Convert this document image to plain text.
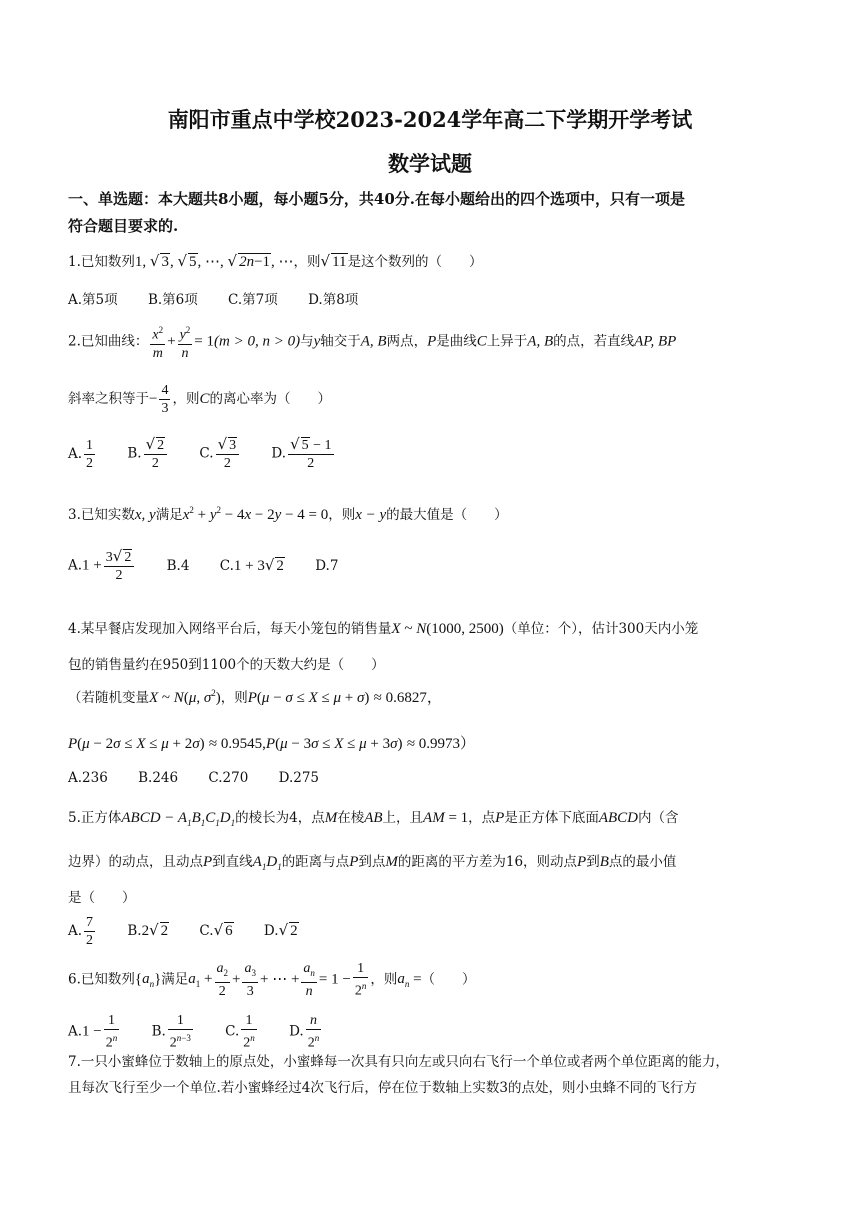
南阳市重点中学校2023-2024学年高二下学期开学考试
数学试题
一、单选题：本大题共8小题，每小题5分，共40分.在每小题给出的四个选项中，只有一项是
符合题目要求的.
1.已知数列1, √ 3, √ 5, ⋯, √ 2n−1, ⋯，则√ 11是这个数列的（　　）
A.第5项 B.第6项 C.第7项 D.第8项
2.已知曲线： $\frac{x^2}{m} + \frac{y^2}{n} = 1(m > 0$, n > 0)与y轴交于A, B两点，P是曲线C上异于A, B的点，若直线AP, BP
斜率之积等于− $\frac{4}{3}$ ，则C的离心率为（　　）
A. $\frac{1}{2} B$. $\frac{√ 2}{2} C$. $\frac{√ 3}{2} D$. $\frac{√ 5 - 1}{2}$
3.已知实数x, y满足$x^2 + y^2 - 4x - 2y - 4 = 0$，则x − y的最大值是（　　）
$A.1 + \frac{3√ 2}{2} B.4$ C.1 + 3√ 2 D.7
4.某早餐店发现加入网络平台后，每天小笼包的销售量X ~ N(1000, 2500)（单位：个），估计300天内小笼
包的销售量约在950到1100个的天数大约是（　　）
（若随机变量X ~ N(μ, $\sigma^2$)，则P(μ − σ ≤ X ≤ μ + σ) ≈ 0.6827，
P(μ − 2σ ≤ X ≤ μ + 2σ) ≈ 0.9545,P(μ − 3σ ≤ X ≤ μ + 3σ) ≈ 0.9973）
A.236 B.246 C.270 D.275
5.正方体ABCD − $A_1B_1C_1D_1$的棱长为4，点M在棱AB上，且AM = 1，点P是正方体下底面ABCD内（含
边界）的动点，且动点P到直线$A_1D_1$的距离与点P到点M的距离的平方差为16，则动点P到B点的最小值
是（　　）
A. $\frac{7}{2} B.2√$ 2 C.√ 6 D.√ 2
6.已知数列$\{a_n\}$满足$a_1 + \frac{a_2}{2} + \frac{a_3}{3}$ + ⋯ + $\frac{a_n}{n} = 1 - \frac{1}{2^n}$ ，则$a_n$ =（　　）
$A.1 - \frac{1}{2^n} B$. $\frac{1}{2^{n-3}} C$. $\frac{1}{2^n} D$. $\frac{n}{2^n}$
7.一只小蜜蜂位于数轴上的原点处，小蜜蜂每一次具有只向左或只向右飞行一个单位或者两个单位距离的能力，
且每次飞行至少一个单位.若小蜜蜂经过4次飞行后，停在位于数轴上实数3的点处，则小虫蜂不同的飞行方
